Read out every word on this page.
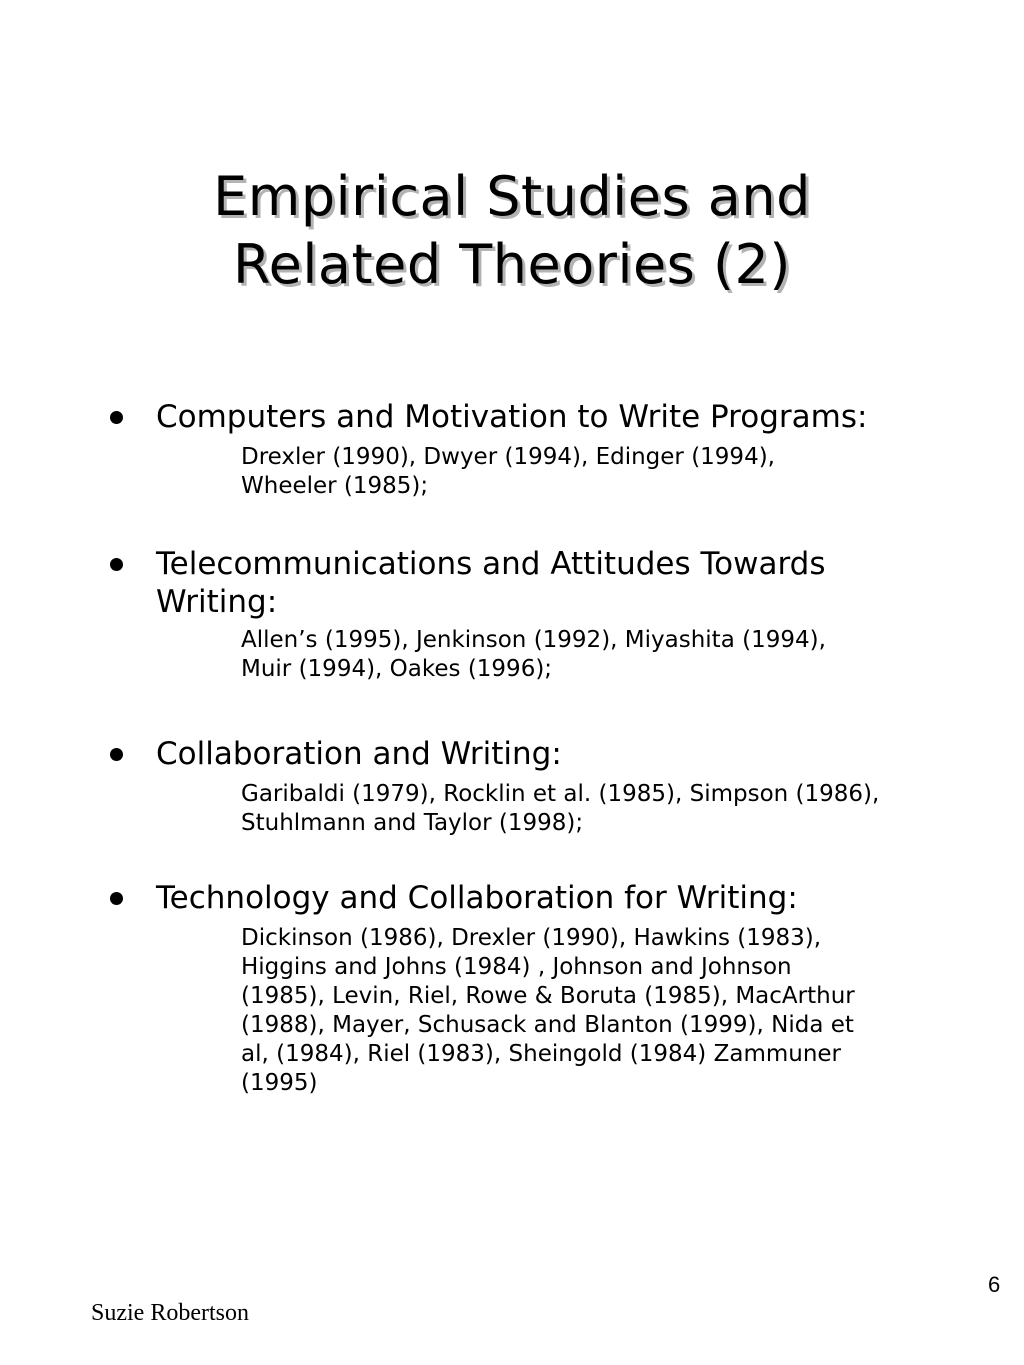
Empirical Studies and
Related Theories (2)
Computers and Motivation to Write Programs:
Drexler (1990), Dwyer (1994), Edinger (1994),
Wheeler (1985);
Telecommunications and Attitudes Towards Writing:
Allen’s (1995), Jenkinson (1992), Miyashita (1994),
Muir (1994), Oakes (1996);
Collaboration and Writing:
Garibaldi (1979), Rocklin et al. (1985), Simpson (1986),
Stuhlmann and Taylor (1998);
Technology and Collaboration for Writing:
Dickinson (1986), Drexler (1990), Hawkins (1983),
Higgins and Johns (1984) , Johnson and Johnson
(1985), Levin, Riel, Rowe & Boruta (1985), MacArthur
(1988), Mayer, Schusack and Blanton (1999), Nida et
al, (1984), Riel (1983), Sheingold (1984) Zammuner
(1995)
6
Suzie Robertson
